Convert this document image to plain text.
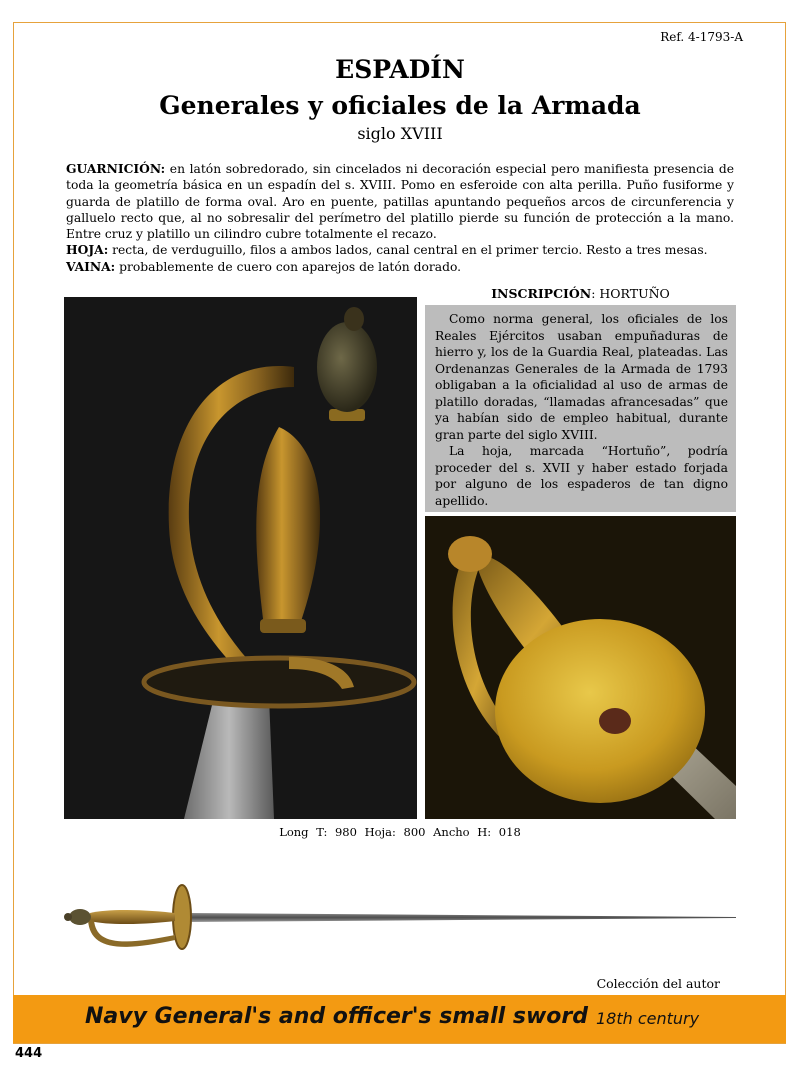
Ref. 4-1793-A
ESPADÍN
Generales y oficiales de la Armada
siglo XVIII

GUARNICIÓN: en latón sobredorado, sin cincelados ni decoración especial pero manifiesta presencia de toda la geometría básica en un espadín del s. XVIII. Pomo en esferoide con alta perilla. Puño fusiforme y guarda de platillo de forma oval. Aro en puente, patillas apuntando pequeños arcos de circunferencia y galluelo recto que, al no sobresalir del perímetro del platillo pierde su función de protección a la mano. Entre cruz y platillo un cilindro cubre totalmente el recazo.

HOJA: recta, de verduguillo, filos a ambos lados, canal central en el primer tercio. Resto a tres mesas.

VAINA: probablemente de cuero con aparejos de latón dorado.

INSCRIPCIÓN: HORTUÑO

Como norma general, los oficiales de los Reales Ejércitos usaban empuñaduras de hierro y, los de la Guardia Real, plateadas. Las Ordenanzas Generales de la Armada de 1793 obligaban a la oficialidad al uso de armas de platillo doradas, “llamadas afrancesadas” que ya habían sido de empleo habitual, durante gran parte del siglo XVIII.

La hoja, marcada “Hortuño”, podría proceder del s. XVII y haber estado forjada por alguno de los espaderos de tan digno apellido.

Long T: 980 Hoja: 800 Ancho H: 018
Colección del autor
Navy General's and officer's small sword 18th century
444
